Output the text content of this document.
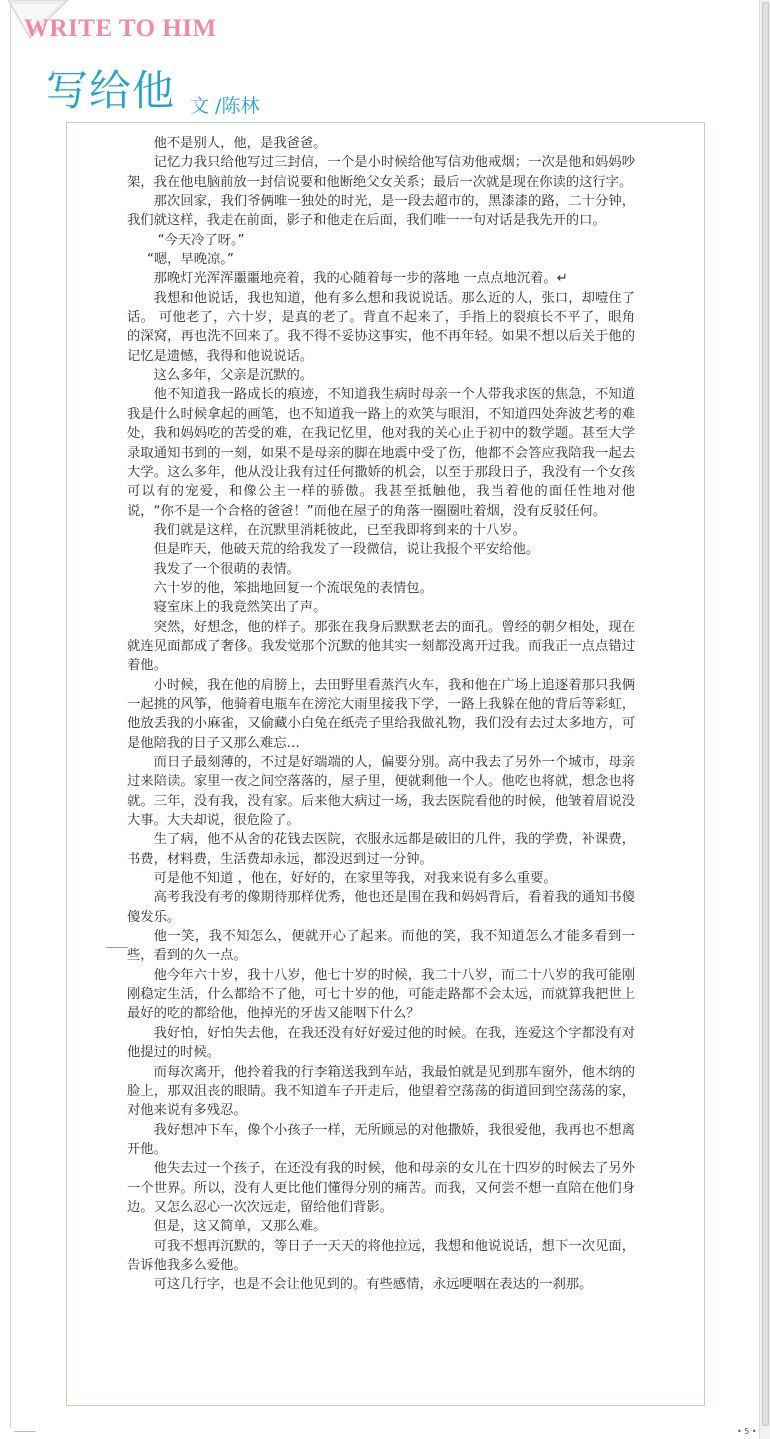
WRITE TO HIM
写给他 文 /陈林

他不是别人，他，是我爸爸。

记忆力我只给他写过三封信，一个是小时候给他写信劝他戒烟；一次是他和妈妈吵架，我在他电脑前放一封信说要和他断绝父女关系；最后一次就是现在你读的这行字。

那次回家，我们爷俩唯一独处的时光，是一段去超市的，黑漆漆的路，二十分钟，我们就这样，我走在前面，影子和他走在后面，我们唯一一句对话是我先开的口。

“今天冷了呀。”

“嗯，早晚凉。”

那晚灯光浑浑噩噩地亮着，我的心随着每一步的落地 一点点地沉着。↵

我想和他说话，我也知道，他有多么想和我说说话。那么近的人，张口，却噎住了话。 可他老了，六十岁，是真的老了。背直不起来了，手指上的裂痕长不平了，眼角的深窝，再也洗不回来了。我不得不妥协这事实，他不再年轻。如果不想以后关于他的记忆是遗憾，我得和他说说话。

这么多年，父亲是沉默的。

他不知道我一路成长的痕迹，不知道我生病时母亲一个人带我求医的焦急，不知道我是什么时候拿起的画笔，也不知道我一路上的欢笑与眼泪，不知道四处奔波艺考的难处，我和妈妈吃的苦受的难，在我记忆里，他对我的关心止于初中的数学题。甚至大学录取通知书到的一刻，如果不是母亲的脚在地震中受了伤，他都不会答应我陪我一起去大学。这么多年，他从没让我有过任何撒娇的机会，以至于那段日子，我没有一个女孩可以有的宠爱，和像公主一样的骄傲。我甚至抵触他，我当着他的面任性地对他说，“你不是一个合格的爸爸！”而他在屋子的角落一圈圈吐着烟，没有反驳任何。

我们就是这样，在沉默里消耗彼此，已至我即将到来的十八岁。

但是昨天，他破天荒的给我发了一段微信，说让我报个平安给他。

我发了一个很萌的表情。

六十岁的他，笨拙地回复一个流氓兔的表情包。

寝室床上的我竟然笑出了声。

突然，好想念，他的样子。那张在我身后默默老去的面孔。曾经的朝夕相处，现在就连见面都成了奢侈。我发觉那个沉默的他其实一刻都没离开过我。而我正一点点错过着他。

小时候，我在他的肩膀上，去田野里看蒸汽火车，我和他在广场上追逐着那只我俩一起挑的风筝，他骑着电瓶车在滂沱大雨里接我下学，一路上我躲在他的背后等彩虹，他放丢我的小麻雀，又偷藏小白兔在纸壳子里给我做礼物，我们没有去过太多地方，可是他陪我的日子又那么难忘…

而日子最刻薄的，不过是好端端的人，偏要分别。高中我去了另外一个城市，母亲过来陪读。家里一夜之间空落落的，屋子里，便就剩他一个人。他吃也将就，想念也将就。三年，没有我，没有家。后来他大病过一场，我去医院看他的时候，他皱着眉说没大事。大夫却说，很危险了。

生了病，他不从舍的花钱去医院，衣服永远都是破旧的几件，我的学费，补课费，书费，材料费，生活费却永远，都没迟到过一分钟。

可是他不知道 ，他在，好好的，在家里等我，对我来说有多么重要。

高考我没有考的像期待那样优秀，他也还是围在我和妈妈背后，看着我的通知书傻傻发乐。

他一笑，我不知怎么，便就开心了起来。而他的笑，我不知道怎么才能多看到一些，看到的久一点。

他今年六十岁，我十八岁，他七十岁的时候，我二十八岁，而二十八岁的我可能刚刚稳定生活，什么都给不了他，可七十岁的他，可能走路都不会太远，而就算我把世上最好的吃的都给他，他掉光的牙齿又能咽下什么？

我好怕，好怕失去他，在我还没有好好爱过他的时候。在我，连爱这个字都没有对他提过的时候。

而每次离开，他拎着我的行李箱送我到车站，我最怕就是见到那车窗外，他木纳的脸上，那双沮丧的眼睛。我不知道车子开走后，他望着空荡荡的街道回到空荡荡的家，对他来说有多残忍。

我好想冲下车，像个小孩子一样，无所顾忌的对他撒娇，我很爱他，我再也不想离开他。

他失去过一个孩子，在还没有我的时候，他和母亲的女儿在十四岁的时候去了另外一个世界。所以，没有人更比他们懂得分别的痛苦。而我，又何尝不想一直陪在他们身边。又怎么忍心一次次远走，留给他们背影。

但是，这又简单，又那么难。

可我不想再沉默的，等日子一天天的将他拉远，我想和他说说话，想下一次见面，告诉他我多么爱他。

可这几行字，也是不会让他见到的。有些感情，永远哽咽在表达的一刹那。

• 5 •
